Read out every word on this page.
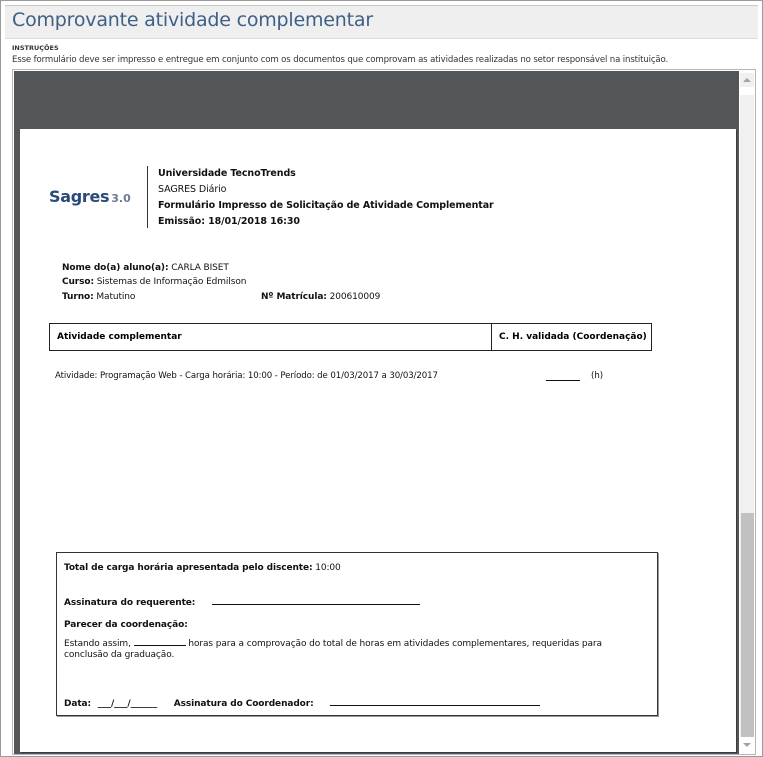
Comprovante atividade complementar
INSTRUÇÕES
Esse formulário deve ser impresso e entregue em conjunto com os documentos que comprovam as atividades realizadas no setor responsável na instituição.
Sagres 3.0
Universidade TecnoTrends
SAGRES Diário
Formulário Impresso de Solicitação de Atividade Complementar
Emissão: 18/01/2018 16:30
Nome do(a) aluno(a): CARLA BISET
Curso: Sistemas de Informação Edmilson
Turno: Matutino	Nº Matrícula: 200610009
Atividade complementar	C. H. validada (Coordenação)
Atividade: Programação Web - Carga horária: 10:00 - Período: de 01/03/2017 a 30/03/2017	(h)
Total de carga horária apresentada pelo discente: 10:00
Assinatura do requerente:
Parecer da coordenação:
Estando assim,	horas para a comprovação do total de horas em atividades complementares, requeridas para
conclusão da graduação.
Data: ___/___/______ Assinatura do Coordenador:
